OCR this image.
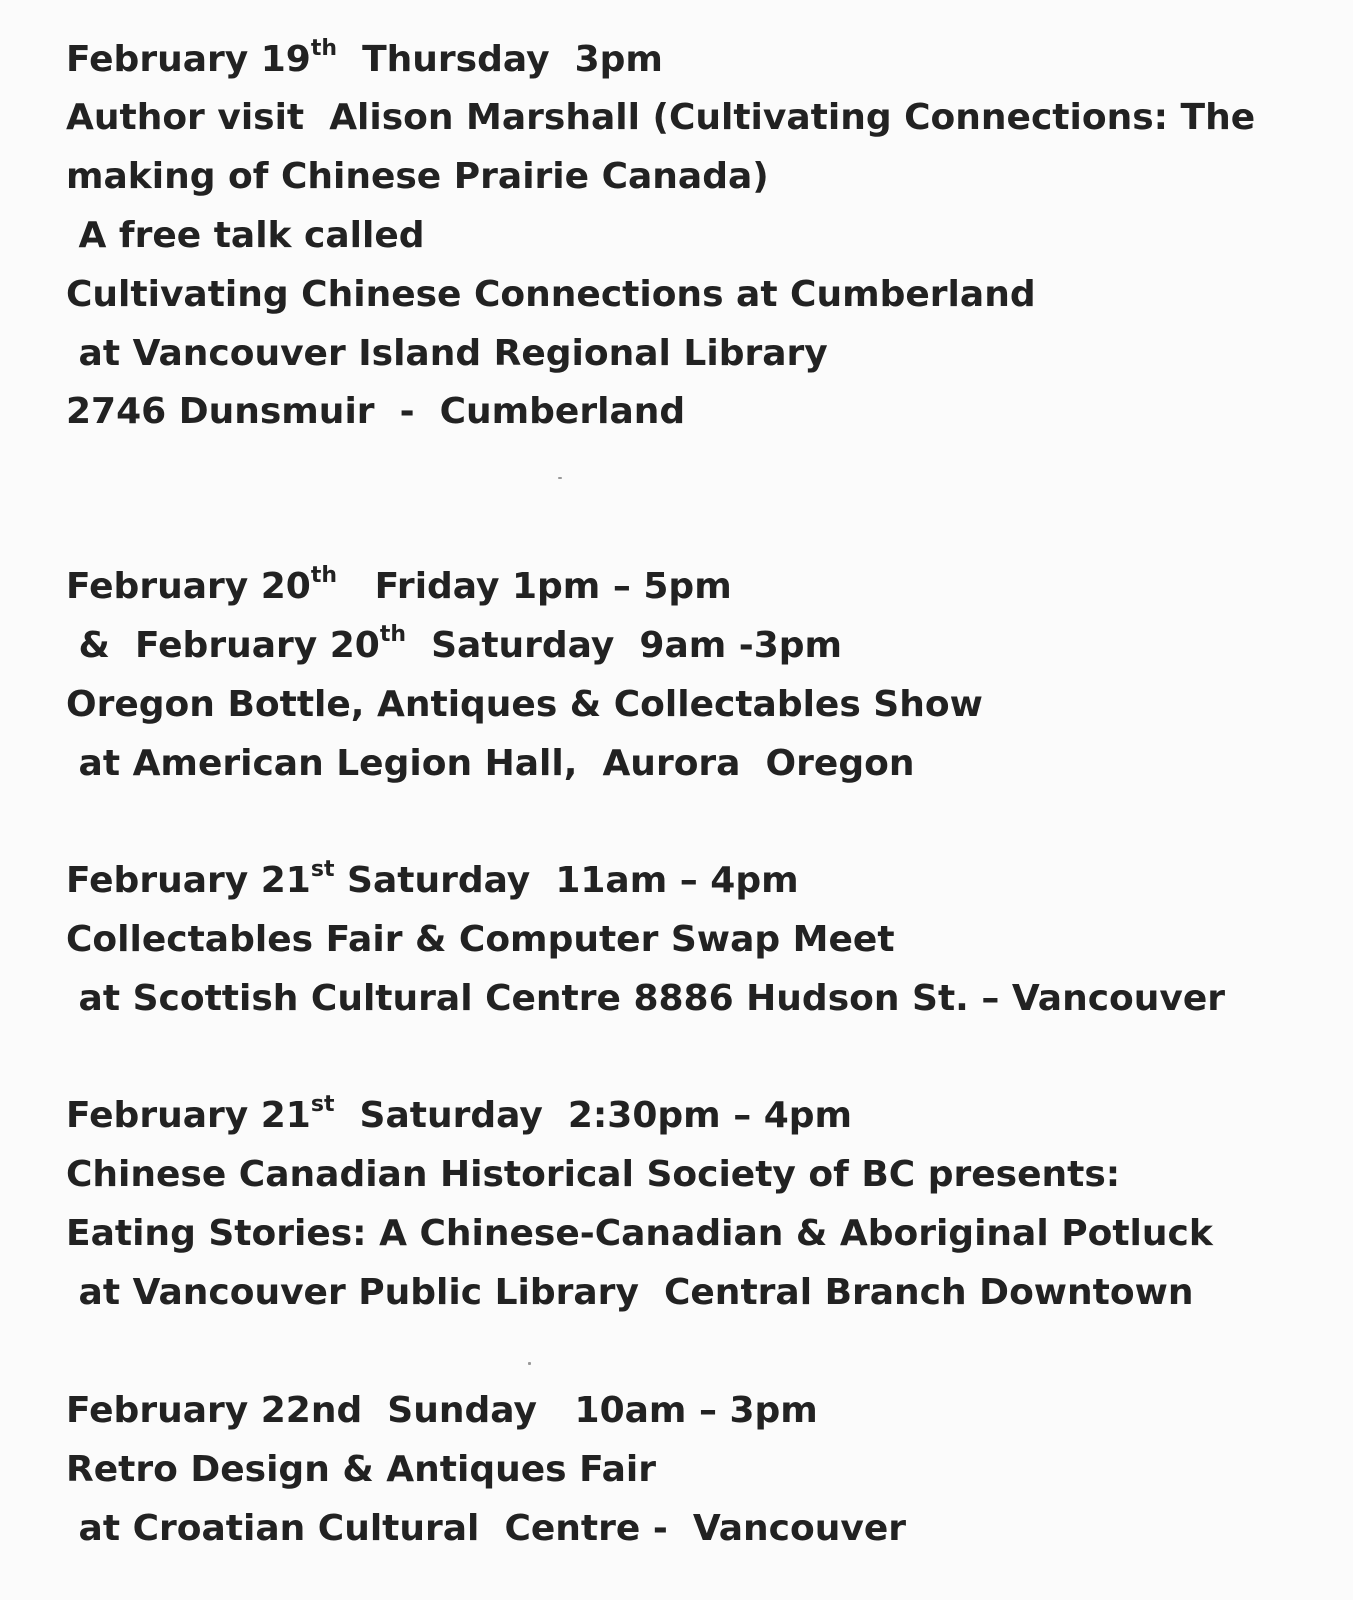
February 19th  Thursday  3pm
Author visit  Alison Marshall (Cultivating Connections: The
making of Chinese Prairie Canada)
A free talk called
Cultivating Chinese Connections at Cumberland
at Vancouver Island Regional Library
2746 Dunsmuir  -  Cumberland
February 20th   Friday 1pm – 5pm
&  February 20th  Saturday  9am -3pm
Oregon Bottle, Antiques & Collectables Show
at American Legion Hall,  Aurora  Oregon
February 21st Saturday  11am – 4pm
Collectables Fair & Computer Swap Meet
at Scottish Cultural Centre 8886 Hudson St. – Vancouver
February 21st  Saturday  2:30pm – 4pm
Chinese Canadian Historical Society of BC presents:
Eating Stories: A Chinese-Canadian & Aboriginal Potluck
at Vancouver Public Library  Central Branch Downtown
February 22nd  Sunday   10am – 3pm
Retro Design & Antiques Fair
at Croatian Cultural  Centre -  Vancouver
